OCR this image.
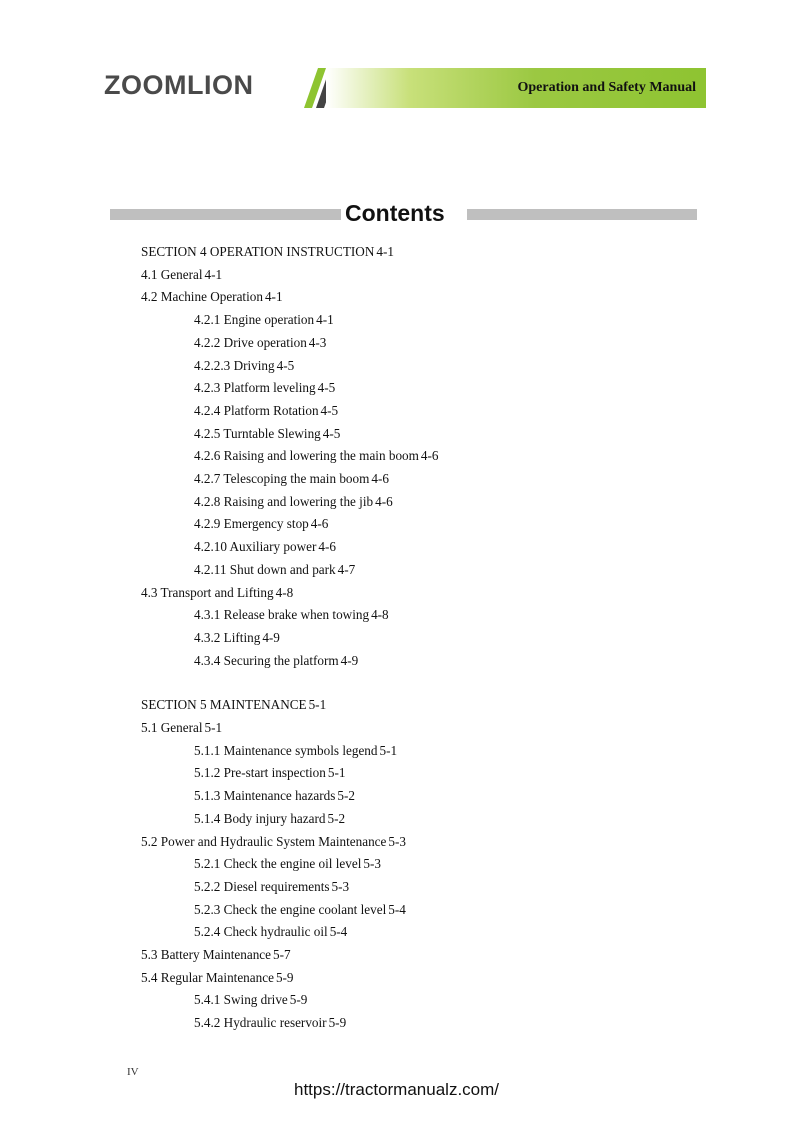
ZOOMLION	Operation and Safety Manual
Contents
SECTION 4 OPERATION INSTRUCTION 4-1
4.1 General 4-1
4.2 Machine Operation 4-1
4.2.1 Engine operation 4-1
4.2.2 Drive operation 4-3
4.2.2.3 Driving 4-5
4.2.3 Platform leveling 4-5
4.2.4 Platform Rotation 4-5
4.2.5 Turntable Slewing 4-5
4.2.6 Raising and lowering the main boom 4-6
4.2.7 Telescoping the main boom 4-6
4.2.8 Raising and lowering the jib 4-6
4.2.9 Emergency stop 4-6
4.2.10 Auxiliary power 4-6
4.2.11 Shut down and park 4-7
4.3 Transport and Lifting 4-8
4.3.1 Release brake when towing 4-8
4.3.2 Lifting 4-9
4.3.4 Securing the platform 4-9
SECTION 5 MAINTENANCE 5-1
5.1 General 5-1
5.1.1 Maintenance symbols legend 5-1
5.1.2 Pre-start inspection 5-1
5.1.3 Maintenance hazards 5-2
5.1.4 Body injury hazard 5-2
5.2 Power and Hydraulic System Maintenance 5-3
5.2.1 Check the engine oil level 5-3
5.2.2 Diesel requirements 5-3
5.2.3 Check the engine coolant level 5-4
5.2.4 Check hydraulic oil 5-4
5.3 Battery Maintenance 5-7
5.4 Regular Maintenance 5-9
5.4.1 Swing drive 5-9
5.4.2 Hydraulic reservoir 5-9
IV
https://tractormanualz.com/
